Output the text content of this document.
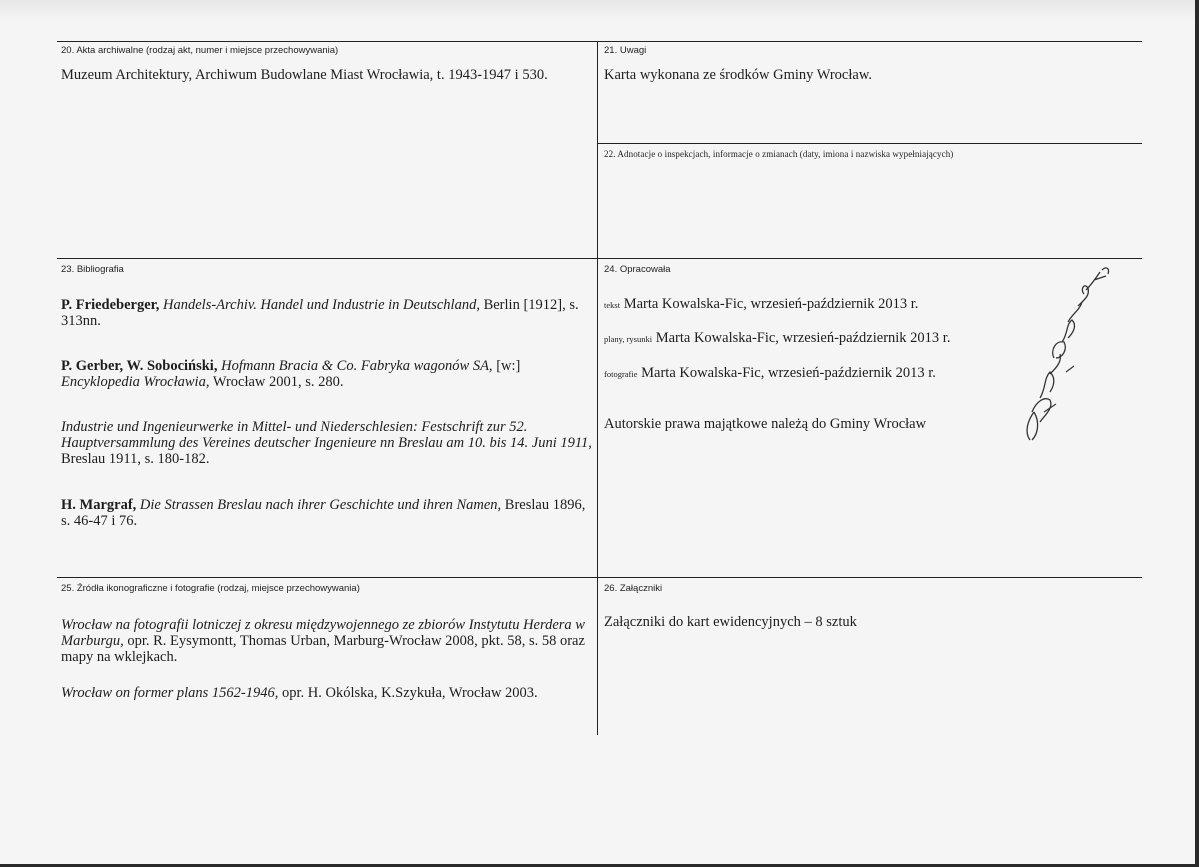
20. Akta archiwalne (rodzaj akt, numer i miejsce przechowywania)
Muzeum Architektury, Archiwum Budowlane Miast Wrocławia, t. 1943-1947 i 530.
21. Uwagi
Karta wykonana ze środków Gminy Wrocław.
22. Adnotacje o inspekcjach, informacje o zmianach (daty, imiona i nazwiska wypełniających)
23. Bibliografia
P. Friedeberger, Handels-Archiv. Handel und Industrie in Deutschland, Berlin [1912], s. 313nn.
P. Gerber, W. Sobociński, Hofmann Bracia & Co. Fabryka wagonów SA, [w:] Encyklopedia Wrocławia, Wrocław 2001, s. 280.
Industrie und Ingenieurwerke in Mittel- und Niederschlesien: Festschrift zur 52. Hauptversammlung des Vereines deutscher Ingenieure nn Breslau am 10. bis 14. Juni 1911, Breslau 1911, s. 180-182.
H. Margraf, Die Strassen Breslau nach ihrer Geschichte und ihren Namen, Breslau 1896, s. 46-47 i 76.
24. Opracowała
tekst Marta Kowalska-Fic, wrzesień-październik 2013 r.
plany, rysunki Marta Kowalska-Fic, wrzesień-październik 2013 r.
fotografie Marta Kowalska-Fic, wrzesień-październik 2013 r.
Autorskie prawa majątkowe należą do Gminy Wrocław
25. Źródła ikonograficzne i fotografie (rodzaj, miejsce przechowywania)
Wrocław na fotografii lotniczej z okresu międzywojennego ze zbiorów Instytutu Herdera w Marburgu, opr. R. Eysymontt, Thomas Urban, Marburg-Wrocław 2008, pkt. 58, s. 58 oraz mapy na wklejkach.
Wrocław on former plans 1562-1946, opr. H. Okólska, K.Szykuła, Wrocław 2003.
26. Załączniki
Załączniki do kart ewidencyjnych – 8 sztuk
